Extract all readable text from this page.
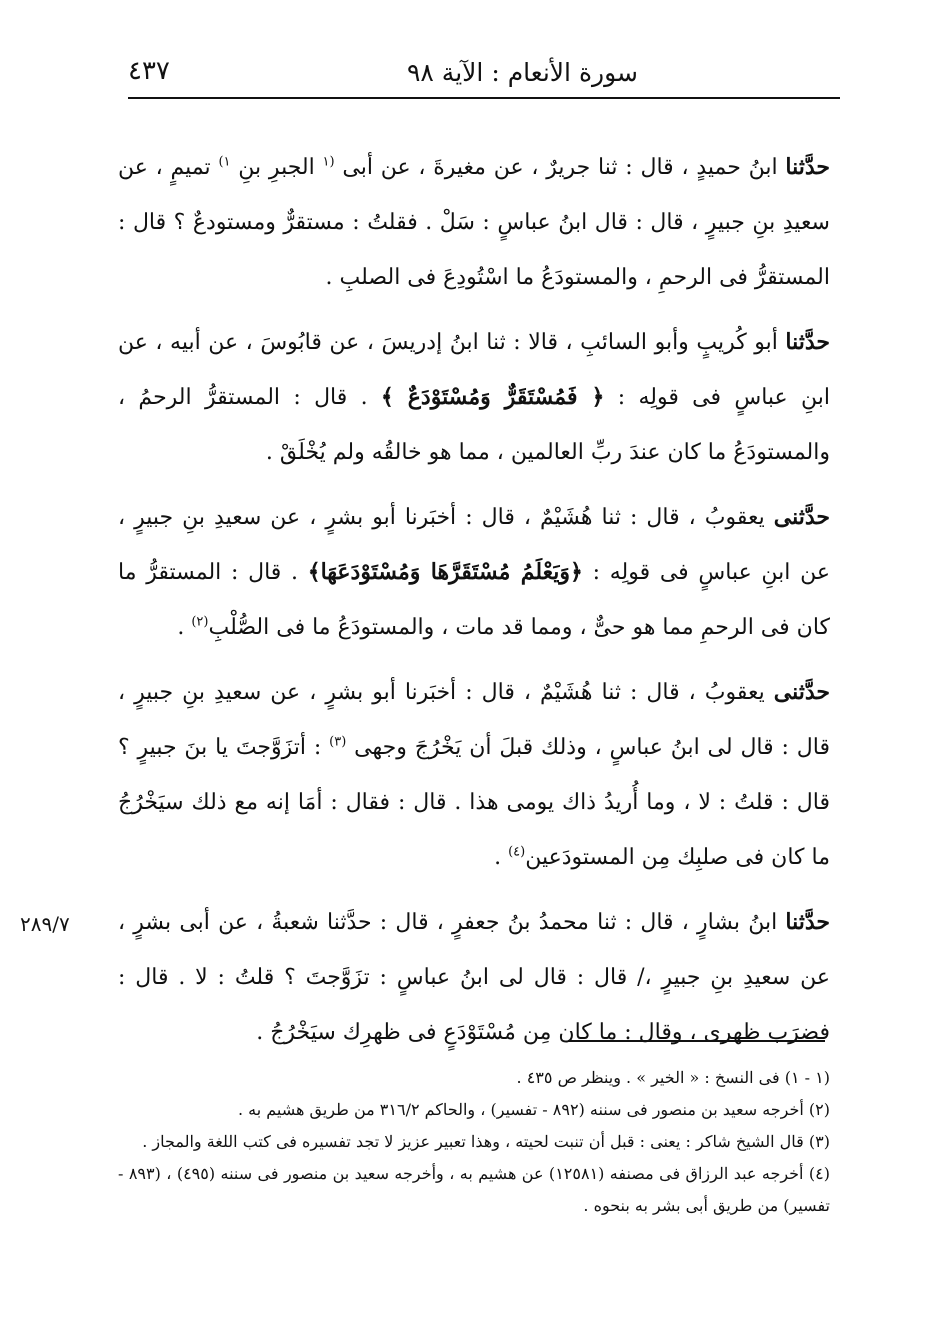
سورة الأنعام : الآية ٩٨
٤٣٧

حدَّثنا ابنُ حميدٍ ، قال : ثنا جريرٌ ، عن مغيرةَ ، عن أبى $^{(١}$ الجبرِ بنِ $^{١)}$ تميمٍ ، عن سعيدِ بنِ جبيرٍ ، قال : قال ابنُ عباسٍ : سَلْ . فقلتُ : مستقرٌّ ومستودعٌ ؟ قال : المستقرُّ فى الرحمِ ، والمستودَعُ ما اسْتُودِعَ فى الصلبِ .

حدَّثنا أبو كُريبٍ وأبو السائبِ ، قالا : ثنا ابنُ إدريسَ ، عن قابُوسَ ، عن أبيه ، عن ابنِ عباسٍ فى قولِه : ﴿ فَمُسْتَقَرٌّ وَمُسْتَوْدَعٌ ﴾ . قال : المستقرُّ الرحمُ ، والمستودَعُ ما كان عندَ ربِّ العالمين ، مما هو خالقُه ولم يُخْلَقْ .

حدَّثنى يعقوبُ ، قال : ثنا هُشَيْمٌ ، قال : أخبَرنا أبو بشرٍ ، عن سعيدِ بنِ جبيرٍ ، عن ابنِ عباسٍ فى قولِه : ﴿وَيَعْلَمُ مُسْتَقَرَّهَا وَمُسْتَوْدَعَهَا﴾ . قال : المستقرُّ ما كان فى الرحمِ مما هو حىٌّ ، ومما قد مات ، والمستودَعُ ما فى الصُّلْبِ$^{(٢)}$ .

حدَّثنى يعقوبُ ، قال : ثنا هُشَيْمٌ ، قال : أخبَرنا أبو بشرٍ ، عن سعيدِ بنِ جبيرٍ ، قال : قال لى ابنُ عباسٍ ، وذلك قبلَ أن يَخْرُجَ وجهى $^{(٣)}$ : أتزَوَّجتَ يا بنَ جبيرٍ ؟ قال : قلتُ : لا ، وما أُريدُ ذاك يومى هذا . قال : فقال : أمَا إنه مع ذلك سيَخْرُجُ ما كان فى صلبِك مِن المستودَعين$^{(٤)}$ .

حدَّثنا ابنُ بشارٍ ، قال : ثنا محمدُ بنُ جعفرٍ ، قال : حدَّثنا شعبةُ ، عن أبى بشرٍ ، عن سعيدِ بنِ جبيرٍ ،/ قال : قال لى ابنُ عباسٍ : تزَوَّجتَ ؟ قلتُ : لا . قال : فضرَب ظهرى ، وقال : ما كان مِن مُسْتَوْدَعٍ فى ظهرِك سيَخْرُجُ .

٢٨٩/٧

(١ - ١) فى النسخ : « الخير » . وينظر ص ٤٣٥ .

(٢) أخرجه سعيد بن منصور فى سننه (٨٩٢ - تفسير) ، والحاكم ٣١٦/٢ من طريق هشيم به .

(٣) قال الشيخ شاكر : يعنى : قبل أن تنبت لحيته ، وهذا تعبير عزيز لا تجد تفسيره فى كتب اللغة والمجاز .

(٤) أخرجه عبد الرزاق فى مصنفه (١٢٥٨١) عن هشيم به ، وأخرجه سعيد بن منصور فى سننه (٤٩٥) ، (٨٩٣ - تفسير) من طريق أبى بشر به بنحوه .
